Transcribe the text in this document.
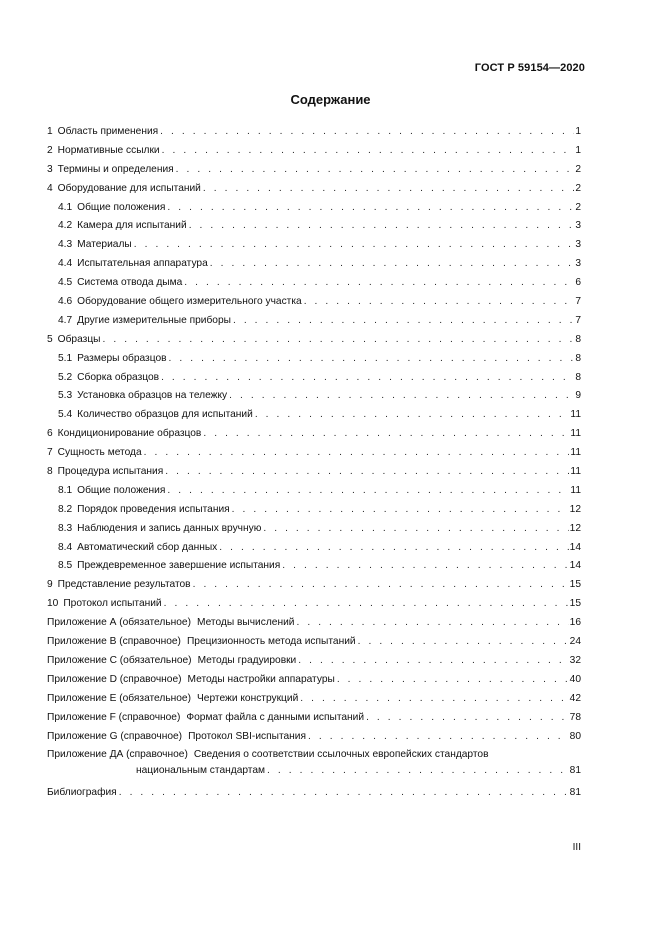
ГОСТ Р 59154—2020
Содержание
1 Область применения . . .	1
2 Нормативные ссылки . . .	1
3 Термины и определения . . .	2
4 Оборудование для испытаний . . .	2
4.1 Общие положения . . .	2
4.2 Камера для испытаний . . .	3
4.3 Материалы . . .	3
4.4 Испытательная аппаратура . . .	3
4.5 Система отвода дыма . . .	6
4.6 Оборудование общего измерительного участка . . .	7
4.7 Другие измерительные приборы . . .	7
5 Образцы . . .	8
5.1 Размеры образцов . . .	8
5.2 Сборка образцов . . .	8
5.3 Установка образцов на тележку . . .	9
5.4 Количество образцов для испытаний . . .	11
6 Кондиционирование образцов . . .	11
7 Сущность метода . . .	11
8 Процедура испытания . . .	11
8.1 Общие положения . . .	11
8.2 Порядок проведения испытания . . .	12
8.3 Наблюдения и запись данных вручную . . .	12
8.4 Автоматический сбор данных . . .	14
8.5 Преждевременное завершение испытания . . .	14
9 Представление результатов . . .	15
10 Протокол испытаний . . .	15
Приложение А (обязательное) Методы вычислений . . .	16
Приложение В (справочное) Прецизионность метода испытаний . . .	24
Приложение С (обязательное) Методы градуировки . . .	32
Приложение D (справочное) Методы настройки аппаратуры . . .	40
Приложение Е (обязательное) Чертежи конструкций . . .	42
Приложение F (справочное) Формат файла с данными испытаний . . .	78
Приложение G (справочное) Протокол SBI-испытания . . .	80
Приложение ДА (справочное) Сведения о соответствии ссылочных европейских стандартов
национальным стандартам . . .	81
Библиография . . .	81
III
